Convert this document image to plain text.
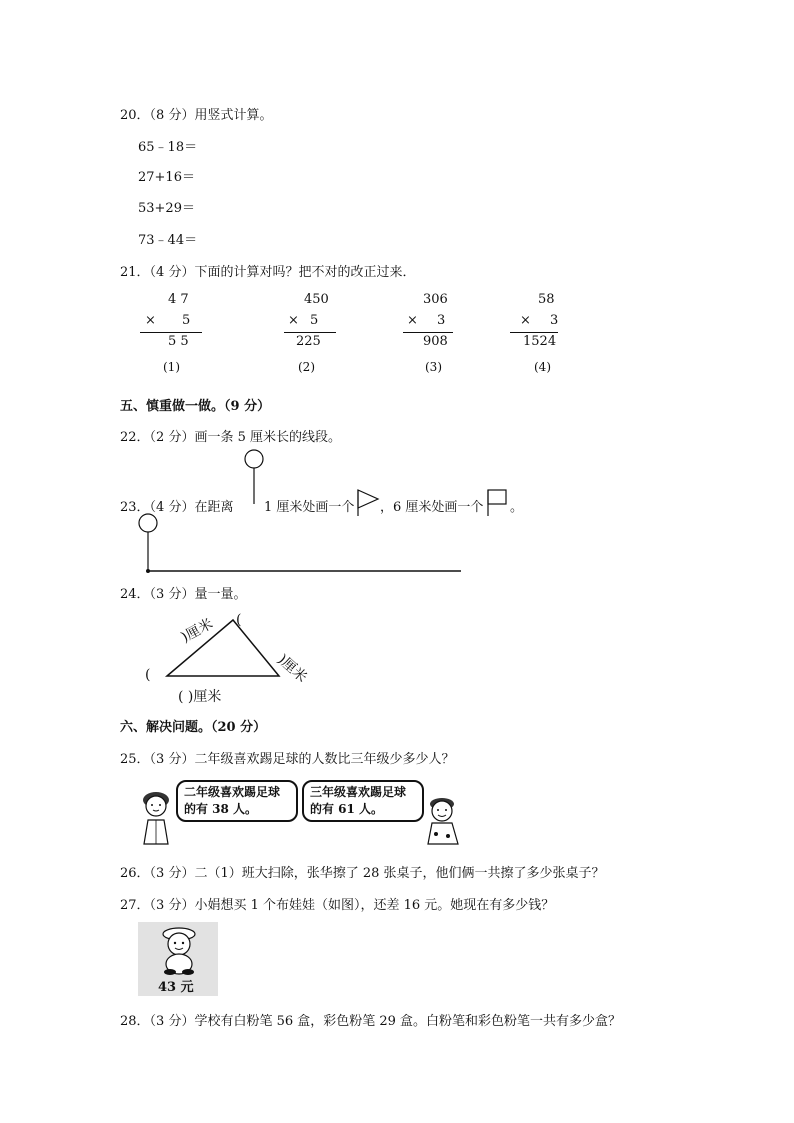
20．（8 分）用竖式计算。
65﹣18＝
27+16＝
53+29＝
73﹣44＝
21．（4 分）下面的计算对吗？把不对的改正过来．
4 7
× 5
5 5
(1)
450
× 5
225
(2)
306
× 3
908
(3)
58
× 3
1524
(4)
五、慎重做一做。（9 分）
22．（2 分）画一条 5 厘米长的线段。
23．（4 分）在距离 1 厘米处画一个 ，6 厘米处画一个 。
24．（3 分）量一量。
)厘米 (
(	)厘米
( )厘米
六、解决问题。（20 分）
25．（3 分）二年级喜欢踢足球的人数比三年级少多少人？
二年级喜欢踢足球的有 38 人。
三年级喜欢踢足球的有 61 人。
26．（3 分）二（1）班大扫除，张华擦了 28 张桌子，他们俩一共擦了多少张桌子？
27．（3 分）小娟想买 1 个布娃娃（如图），还差 16 元。她现在有多少钱？
43 元
28．（3 分）学校有白粉笔 56 盒，彩色粉笔 29 盒。白粉笔和彩色粉笔一共有多少盒？
